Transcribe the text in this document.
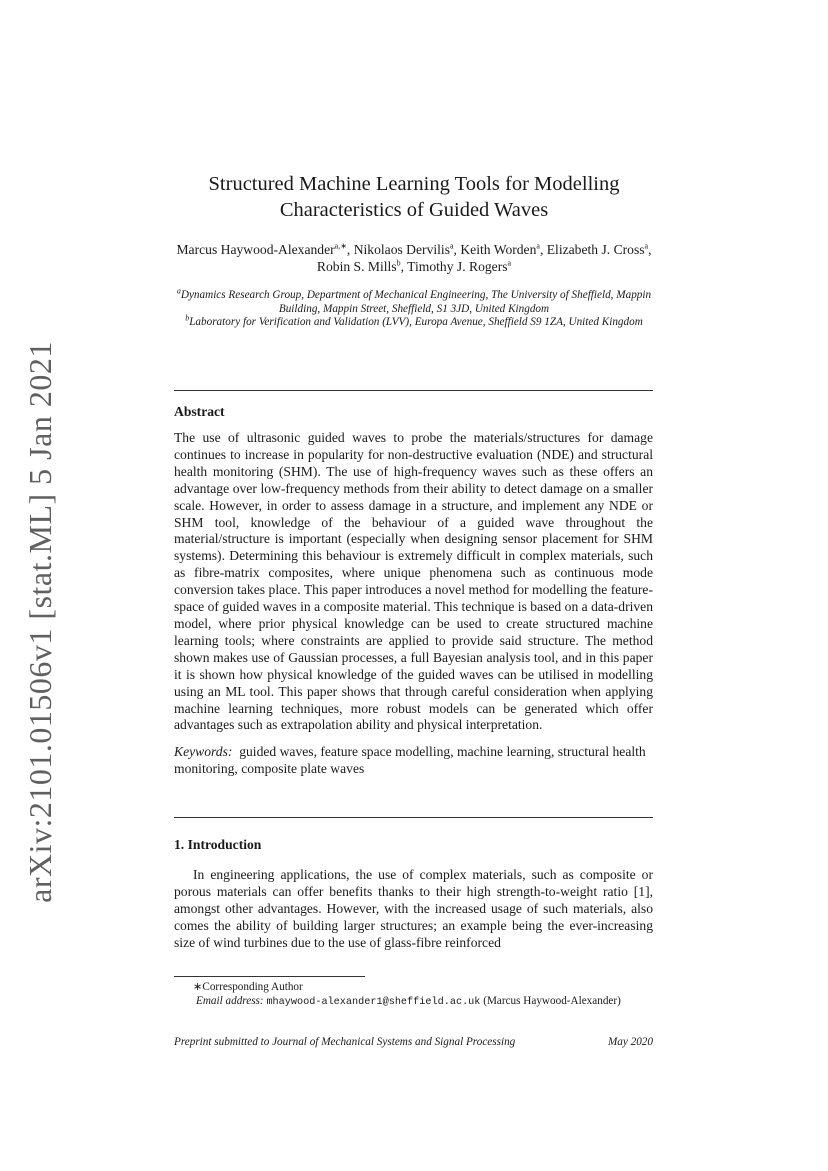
arXiv:2101.01506v1 [stat.ML] 5 Jan 2021
Structured Machine Learning Tools for Modelling
Characteristics of Guided Waves
Marcus Haywood-Alexander$^{a,∗}$, Nikolaos Dervilis$^a$, Keith Worden$^a$, Elizabeth J. Cross$^a$, Robin S. Mills$^b$, Timothy J. Rogers$^a$
$^a$Dynamics Research Group, Department of Mechanical Engineering, The University of Sheffield, Mappin Building, Mappin Street, Sheffield, S1 3JD, United Kingdom
$^b$Laboratory for Verification and Validation (LVV), Europa Avenue, Sheffield S9 1ZA, United Kingdom
Abstract
The use of ultrasonic guided waves to probe the materials/structures for damage continues to increase in popularity for non-destructive evaluation (NDE) and structural health monitoring (SHM). The use of high-frequency waves such as these offers an advantage over low-frequency methods from their ability to detect damage on a smaller scale. However, in order to assess damage in a structure, and implement any NDE or SHM tool, knowledge of the behaviour of a guided wave throughout the material/structure is important (especially when designing sensor placement for SHM systems). Determining this behaviour is extremely difficult in complex materials, such as fibre-matrix composites, where unique phenomena such as continuous mode conversion takes place. This paper introduces a novel method for modelling the feature-space of guided waves in a composite material. This technique is based on a data-driven model, where prior physical knowledge can be used to create structured machine learning tools; where constraints are applied to provide said structure. The method shown makes use of Gaussian processes, a full Bayesian analysis tool, and in this paper it is shown how physical knowledge of the guided waves can be utilised in modelling using an ML tool. This paper shows that through careful consideration when applying machine learning techniques, more robust models can be generated which offer advantages such as extrapolation ability and physical interpretation.
Keywords: guided waves, feature space modelling, machine learning, structural health monitoring, composite plate waves
1. Introduction
In engineering applications, the use of complex materials, such as composite or porous materials can offer benefits thanks to their high strength-to-weight ratio [1], amongst other advantages. However, with the increased usage of such materials, also comes the ability of building larger structures; an example being the ever-increasing size of wind turbines due to the use of glass-fibre reinforced
∗Corresponding Author
Email address: mhaywood-alexander1@sheffield.ac.uk (Marcus Haywood-Alexander)
Preprint submitted to Journal of Mechanical Systems and Signal Processing	May 2020
